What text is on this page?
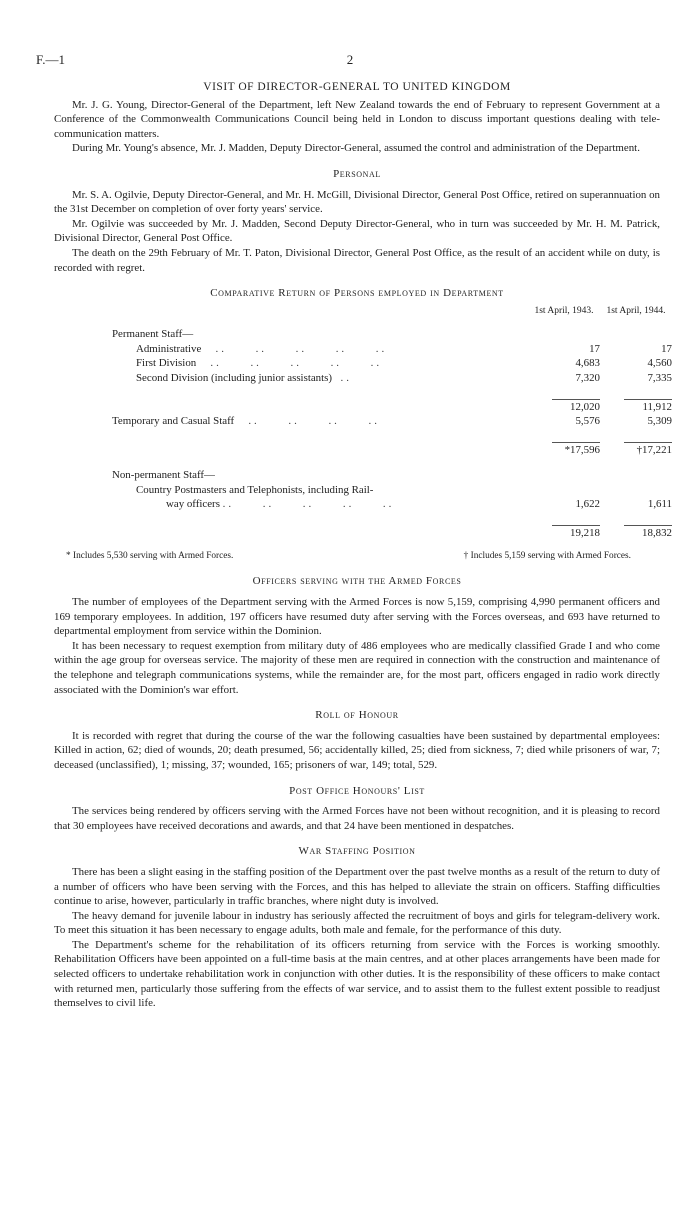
F.—1	2
VISIT OF DIRECTOR-GENERAL TO UNITED KINGDOM

Mr. J. G. Young, Director-General of the Department, left New Zealand towards the end of February to represent Government at a Conference of the Commonwealth Communications Council being held in London to discuss important questions dealing with tele-communication matters.

During Mr. Young's absence, Mr. J. Madden, Deputy Director-General, assumed the control and administration of the Department.

Personal

Mr. S. A. Ogilvie, Deputy Director-General, and Mr. H. McGill, Divisional Director, General Post Office, retired on superannuation on the 31st December on completion of over forty years' service.

Mr. Ogilvie was succeeded by Mr. J. Madden, Second Deputy Director-General, who in turn was succeeded by Mr. H. M. Patrick, Divisional Director, General Post Office.

The death on the 29th February of Mr. T. Paton, Divisional Director, General Post Office, as the result of an accident while on duty, is recorded with regret.

Comparative Return of Persons employed in Department
	1st April, 1943.	1st April, 1944.

Permanent Staff—		
Administrative   ..     ..     ..     ..     ..	17	17
First Division   ..     ..     ..     ..     ..	4,683	4,560
Second Division (including junior assistants)  ..	7,320	7,335

	12,020	11,912
Temporary and Casual Staff   ..     ..     ..     ..	5,576	5,309

	*17,596	†17,221

Non-permanent Staff—		
Country Postmasters and Telephonists, including Rail-		
way officers ..     ..     ..     ..     ..	1,622	1,611

	19,218	18,832
* Includes 5,530 serving with Armed Forces.	† Includes 5,159 serving with Armed Forces.
Officers serving with the Armed Forces

The number of employees of the Department serving with the Armed Forces is now 5,159, comprising 4,990 permanent officers and 169 temporary employees. In addition, 197 officers have resumed duty after serving with the Forces overseas, and 693 have returned to departmental employment from service within the Dominion.

It has been necessary to request exemption from military duty of 486 employees who are medically classified Grade I and who come within the age group for overseas service. The majority of these men are required in connection with the construction and maintenance of the telephone and telegraph communications systems, while the remainder are, for the most part, officers engaged in radio work directly associated with the Dominion's war effort.

Roll of Honour

It is recorded with regret that during the course of the war the following casualties have been sustained by departmental employees: Killed in action, 62; died of wounds, 20; death presumed, 56; accidentally killed, 25; died from sickness, 7; died while prisoners of war, 7; deceased (unclassified), 1; missing, 37; wounded, 165; prisoners of war, 149; total, 529.

Post Office Honours' List

The services being rendered by officers serving with the Armed Forces have not been without recognition, and it is pleasing to record that 30 employees have received decorations and awards, and that 24 have been mentioned in despatches.

War Staffing Position

There has been a slight easing in the staffing position of the Department over the past twelve months as a result of the return to duty of a number of officers who have been serving with the Forces, and this has helped to alleviate the strain on officers. Staffing difficulties continue to arise, however, particularly in traffic branches, where night duty is involved.

The heavy demand for juvenile labour in industry has seriously affected the recruitment of boys and girls for telegram-delivery work. To meet this situation it has been necessary to engage adults, both male and female, for the performance of this duty.

The Department's scheme for the rehabilitation of its officers returning from service with the Forces is working smoothly. Rehabilitation Officers have been appointed on a full-time basis at the main centres, and at other places arrangements have been made for selected officers to undertake rehabilitation work in conjunction with other duties. It is the responsibility of these officers to make contact with returned men, particularly those suffering from the effects of war service, and to assist them to the fullest extent possible to readjust themselves to civil life.
